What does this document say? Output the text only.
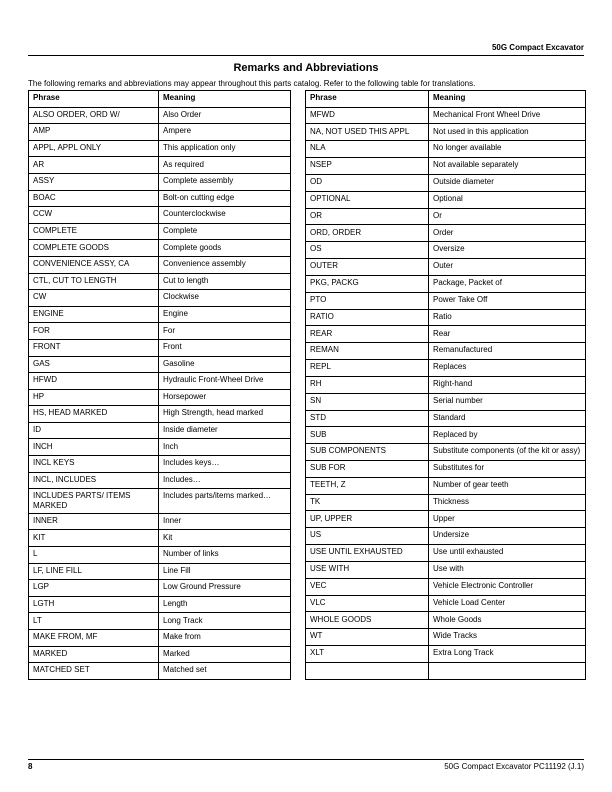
50G Compact Excavator
Remarks and Abbreviations
The following remarks and abbreviations may appear throughout this parts catalog. Refer to the following table for translations.
Phrase	Meaning
ALSO ORDER, ORD W/	Also Order
AMP	Ampere
APPL, APPL ONLY	This application only
AR	As required
ASSY	Complete assembly
BOAC	Bolt-on cutting edge
CCW	Counterclockwise
COMPLETE	Complete
COMPLETE GOODS	Complete goods
CONVENIENCE ASSY, CA	Convenience assembly
CTL, CUT TO LENGTH	Cut to length
CW	Clockwise
ENGINE	Engine
FOR	For
FRONT	Front
GAS	Gasoline
HFWD	Hydraulic Front-Wheel Drive
HP	Horsepower
HS, HEAD MARKED	High Strength, head marked
ID	Inside diameter
INCH	Inch
INCL KEYS	Includes keys…
INCL, INCLUDES	Includes…
INCLUDES PARTS/ ITEMS MARKED	Includes parts/items marked…
INNER	Inner
KIT	Kit
L	Number of links
LF, LINE FILL	Line Fill
LGP	Low Ground Pressure
LGTH	Length
LT	Long Track
MAKE FROM, MF	Make from
MARKED	Marked
MATCHED SET	Matched set
Phrase	Meaning
MFWD	Mechanical Front Wheel Drive
NA, NOT USED THIS APPL	Not used in this application
NLA	No longer available
NSEP	Not available separately
OD	Outside diameter
OPTIONAL	Optional
OR	Or
ORD, ORDER	Order
OS	Oversize
OUTER	Outer
PKG, PACKG	Package, Packet of
PTO	Power Take Off
RATIO	Ratio
REAR	Rear
REMAN	Remanufactured
REPL	Replaces
RH	Right-hand
SN	Serial number
STD	Standard
SUB	Replaced by
SUB COMPONENTS	Substitute components (of the kit or assy)
SUB FOR	Substitutes for
TEETH, Z	Number of gear teeth
TK	Thickness
UP, UPPER	Upper
US	Undersize
USE UNTIL EXHAUSTED	Use until exhausted
USE WITH	Use with
VEC	Vehicle Electronic Controller
VLC	Vehicle Load Center
WHOLE GOODS	Whole Goods
WT	Wide Tracks
XLT	Extra Long Track

8	50G Compact Excavator PC11192 (J.1)
